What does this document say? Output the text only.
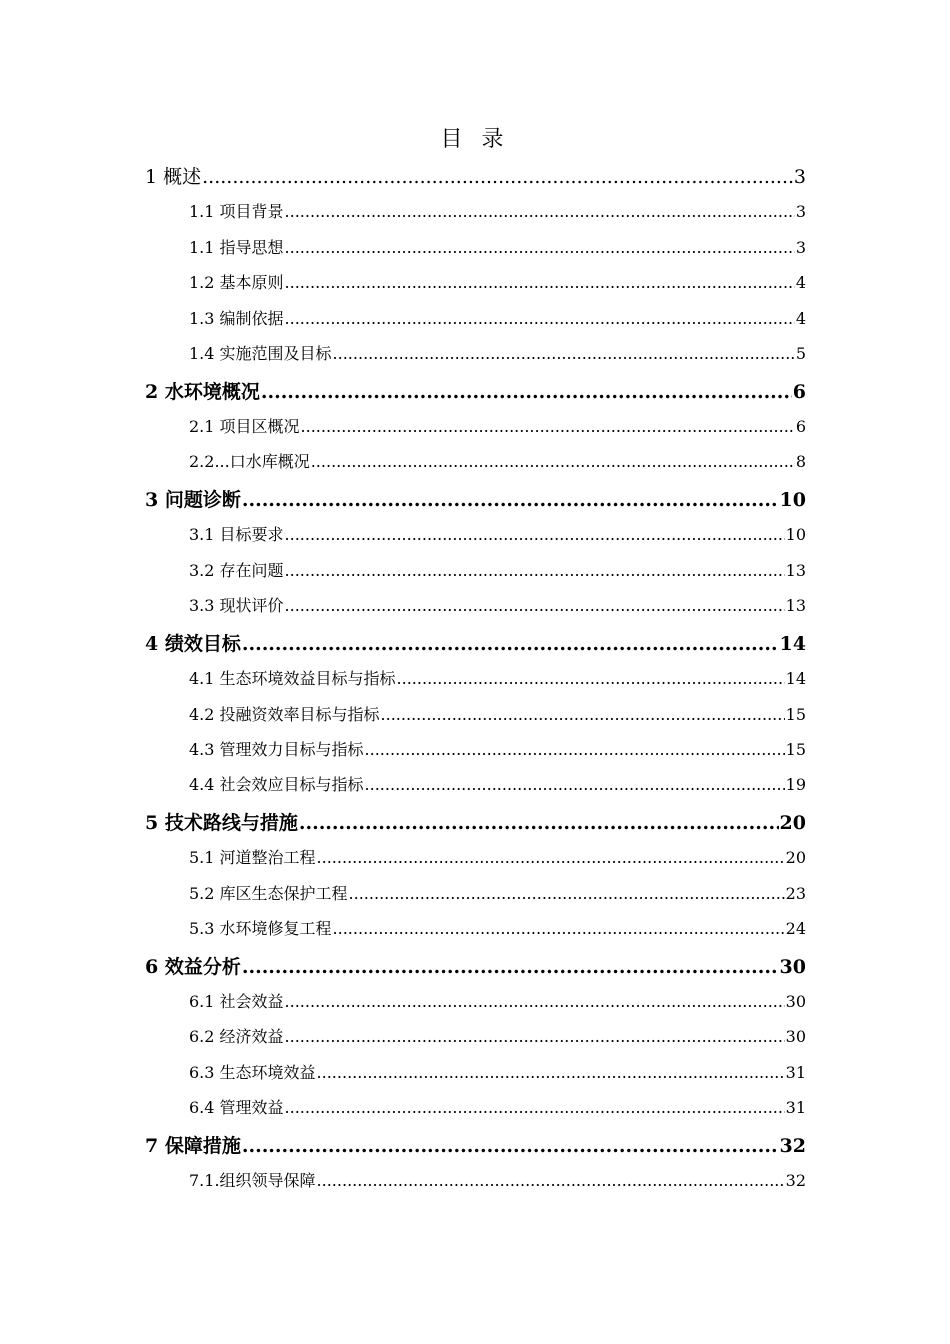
目 录
1 概述 .....	3
1.1 项目背景 .....	3
1.1 指导思想 .....	3
1.2 基本原则 .....	4
1.3 编制依据 .....	4
1.4 实施范围及目标 .....	5
2 水环境概况 .....	6
2.1 项目区概况 .....	6
2.2...口水库概况 .....	8
3 问题诊断 .....	10
3.1 目标要求 .....	10
3.2 存在问题 .....	13
3.3 现状评价 .....	13
4 绩效目标 .....	14
4.1 生态环境效益目标与指标 .....	14
4.2 投融资效率目标与指标 .....	15
4.3 管理效力目标与指标 .....	15
4.4 社会效应目标与指标 .....	19
5 技术路线与措施 .....	20
5.1 河道整治工程 .....	20
5.2 库区生态保护工程 .....	23
5.3 水环境修复工程 .....	24
6 效益分析 .....	30
6.1 社会效益 .....	30
6.2 经济效益 .....	30
6.3 生态环境效益 .....	31
6.4 管理效益 .....	31
7 保障措施 .....	32
7.1.组织领导保障 .....	32
